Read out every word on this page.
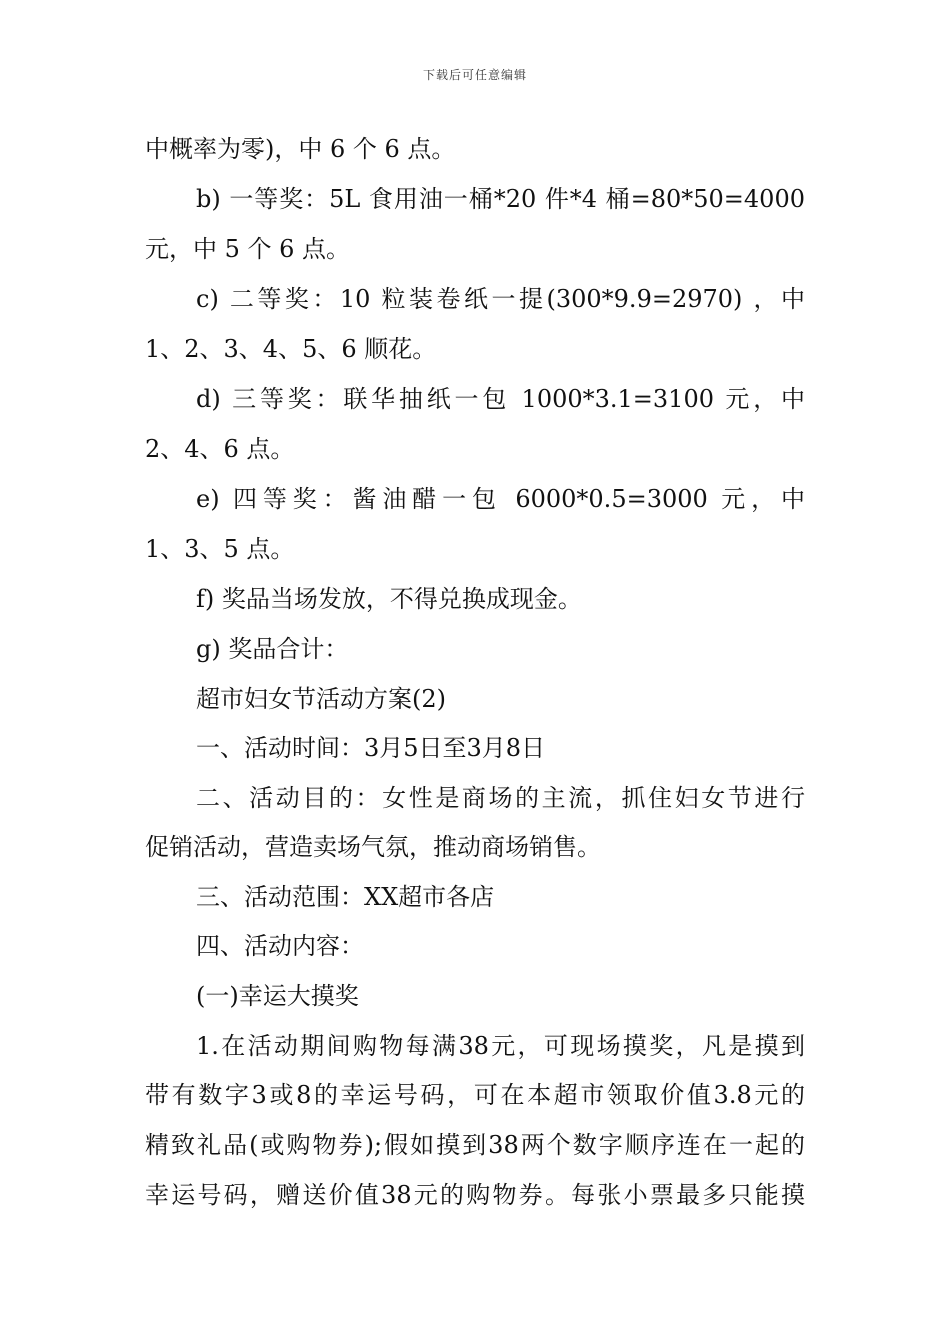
下载后可任意编辑
中概率为零)，中 6 个 6 点。
b) 一等奖：5L 食用油一桶*20 件*4 桶=80*50=4000
元，中 5 个 6 点。
c) 二等奖：10 粒装卷纸一提(300*9.9=2970) ，中
1、2、3、4、5、6 顺花。
d) 三等奖：联华抽纸一包 1000*3.1=3100 元，中
2、4、6 点。
e) 四等奖：酱油醋一包 6000*0.5=3000 元，中
1、3、5 点。
f) 奖品当场发放，不得兑换成现金。
g) 奖品合计：
超市妇女节活动方案(2)
一、活动时间：3月5日至3月8日
二、活动目的：女性是商场的主流，抓住妇女节进行
促销活动，营造卖场气氛，推动商场销售。
三、活动范围：XX超市各店
四、活动内容：
(一)幸运大摸奖
1.在活动期间购物每满38元，可现场摸奖，凡是摸到
带有数字3或8的幸运号码，可在本超市领取价值3.8元的
精致礼品(或购物券);假如摸到38两个数字顺序连在一起的
幸运号码，赠送价值38元的购物券。每张小票最多只能摸
